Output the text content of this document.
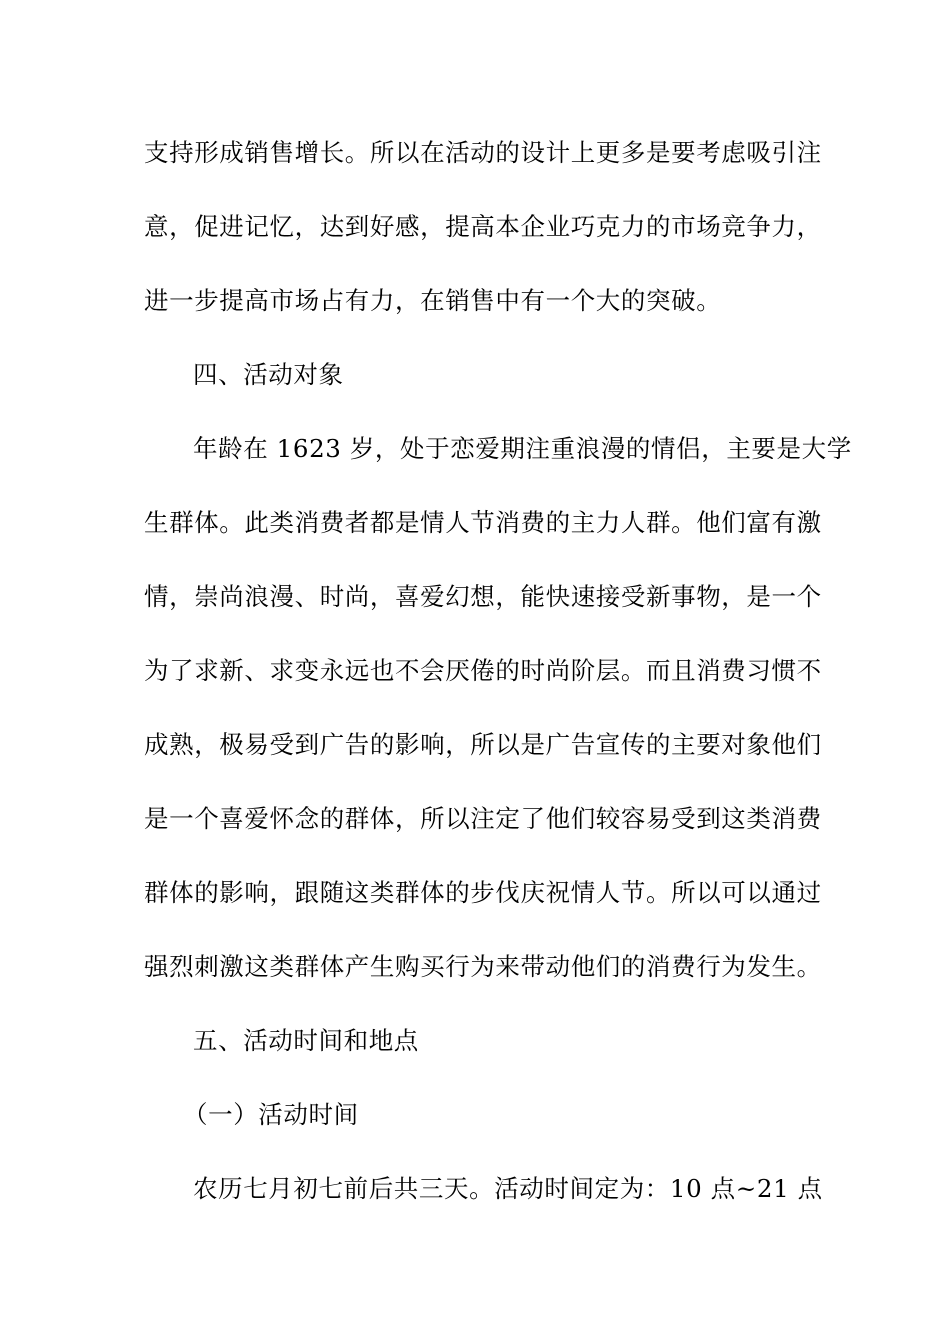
支持形成销售增长。所以在活动的设计上更多是要考虑吸引注
意，促进记忆，达到好感，提高本企业巧克力的市场竞争力，
进一步提高市场占有力，在销售中有一个大的突破。
四、活动对象
年龄在 1623 岁，处于恋爱期注重浪漫的情侣，主要是大学
生群体。此类消费者都是情人节消费的主力人群。他们富有激
情，崇尚浪漫、时尚，喜爱幻想，能快速接受新事物，是一个
为了求新、求变永远也不会厌倦的时尚阶层。而且消费习惯不
成熟，极易受到广告的影响，所以是广告宣传的主要对象他们
是一个喜爱怀念的群体，所以注定了他们较容易受到这类消费
群体的影响，跟随这类群体的步伐庆祝情人节。所以可以通过
强烈刺激这类群体产生购买行为来带动他们的消费行为发生。
五、活动时间和地点
（一）活动时间
农历七月初七前后共三天。活动时间定为：10 点~21 点
